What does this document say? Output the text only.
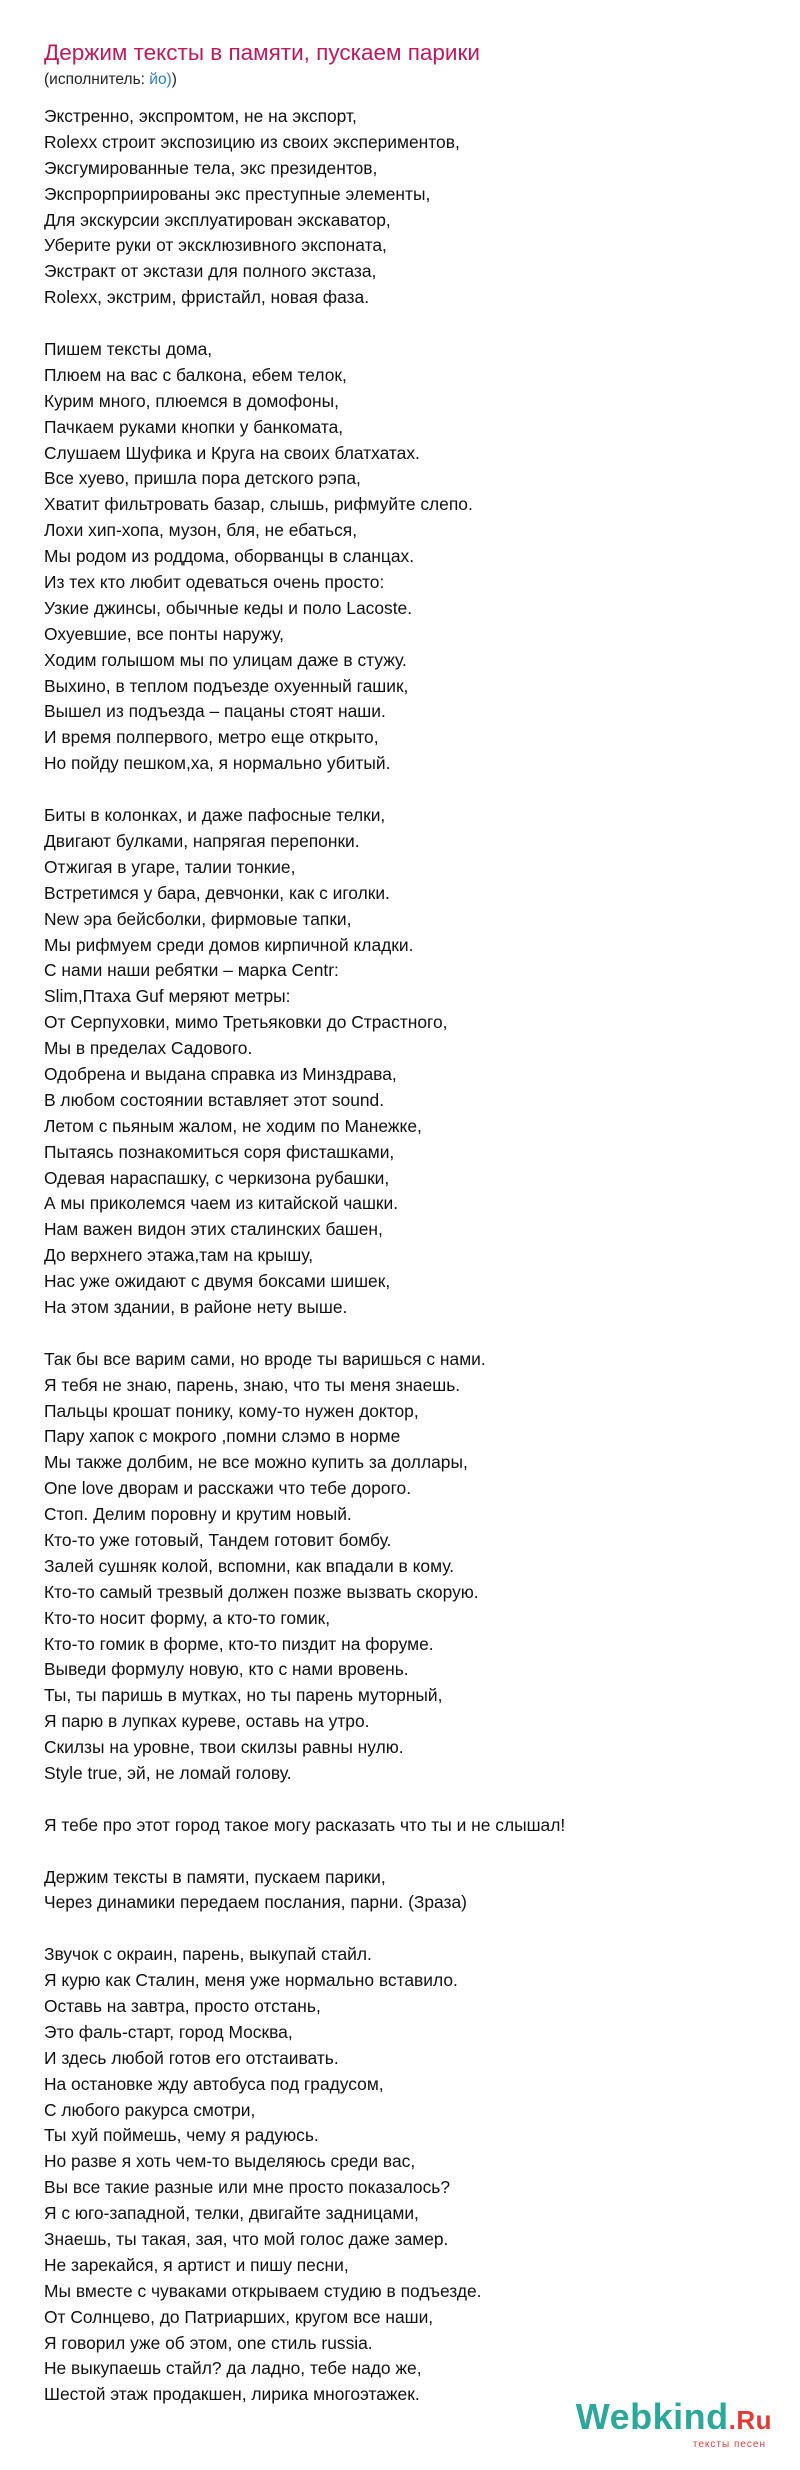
Держим тексты в памяти, пускаем парики
(исполнитель: йо))
Экстренно, экспромтом, не на экспорт,
Rolexx строит экспозицию из своих экспериментов,
Эксгумированные тела, экс президентов,
Экспрорприированы экс преступные элементы,
Для экскурсии эксплуатирован экскаватор,
Уберите руки от эксклюзивного экспоната,
Экстракт от экстази для полного экстаза,
Rolexx, экстрим, фристайл, новая фаза.
Пишем тексты дома,
Плюем на вас с балкона, ебем телок,
Курим много, плюемся в домофоны,
Пачкаем руками кнопки у банкомата,
Слушаем Шуфика и Круга на своих блатхатах.
Все хуево, пришла пора детского рэпа,
Хватит фильтровать базар, слышь, рифмуйте слепо.
Лохи хип-хопа, музон, бля, не ебаться,
Мы родом из роддома, оборванцы в сланцах.
Из тех кто любит одеваться очень просто:
Узкие джинсы, обычные кеды и поло Lacoste.
Охуевшие, все понты наружу,
Ходим голышом мы по улицам даже в стужу.
Выхино, в теплом подъезде охуенный гашик,
Вышел из подъезда – пацаны стоят наши.
И время полпервого, метро еще открыто,
Но пойду пешком,ха, я нормально убитый.
Биты в колонках, и даже пафосные телки,
Двигают булками, напрягая перепонки.
Отжигая в угаре, талии тонкие,
Встретимся у бара, девчонки, как с иголки.
New эра бейсболки, фирмовые тапки,
Мы рифмуем среди домов кирпичной кладки.
С нами наши ребятки – марка Centr:
Slim,Птаха Guf меряют метры:
От Серпуховки, мимо Третьяковки до Страстного,
Мы в пределах Садового.
Одобрена и выдана справка из Минздрава,
В любом состоянии вставляет этот sound.
Летом с пьяным жалом, не ходим по Манежке,
Пытаясь познакомиться соря фисташками,
Одевая нараспашку, с черкизона рубашки,
А мы приколемся чаем из китайской чашки.
Нам важен видон этих сталинских башен,
До верхнего этажа,там на крышу,
Нас уже ожидают с двумя боксами шишек,
На этом здании, в районе нету выше.
Так бы все варим сами, но вроде ты варишься с нами.
Я тебя не знаю, парень, знаю, что ты меня знаешь.
Пальцы крошат понику, кому-то нужен доктор,
Пару хапок с мокрого ,помни слэмо в норме
Мы также долбим, не все можно купить за доллары,
One love дворам и расскажи что тебе дорого.
Стоп. Делим поровну и крутим новый.
Кто-то уже готовый, Тандем готовит бомбу.
Залей сушняк колой, вспомни, как впадали в кому.
Кто-то самый трезвый должен позже вызвать скорую.
Кто-то носит форму, а кто-то гомик,
Кто-то гомик в форме, кто-то пиздит на форуме.
Выведи формулу новую, кто с нами вровень.
Ты, ты паришь в мутках, но ты парень муторный,
Я парю в лупках куреве, оставь на утро.
Скилзы на уровне, твои скилзы равны нулю.
Style true, эй, не ломай голову.
Я тебе про этот город такое могу расказать что ты и не слышал!
Держим тексты в памяти, пускаем парики,
Через динамики передаем послания, парни. (Зраза)
Звучок с окраин, парень, выкупай стайл.
Я курю как Сталин, меня уже нормально вставило.
Оставь на завтра, просто отстань,
Это фаль-старт, город Москва,
И здесь любой готов его отстаивать.
На остановке жду автобуса под градусом,
С любого ракурса смотри,
Ты хуй поймешь, чему я радуюсь.
Но разве я хоть чем-то выделяюсь среди вас,
Вы все такие разные или мне просто показалось?
Я с юго-западной, телки, двигайте задницами,
Знаешь, ты такая, зая, что мой голос даже замер.
Не зарекайся, я артист и пишу песни,
Мы вместе с чуваками открываем студию в подъезде.
От Солнцево, до Патриарших, кругом все наши,
Я говорил уже об этом, one стиль russia.
Не выкупаешь стайл? да ладно, тебе надо же,
Шестой этаж продакшен, лирика многоэтажек.
Webkind.Ru
тексты песен
